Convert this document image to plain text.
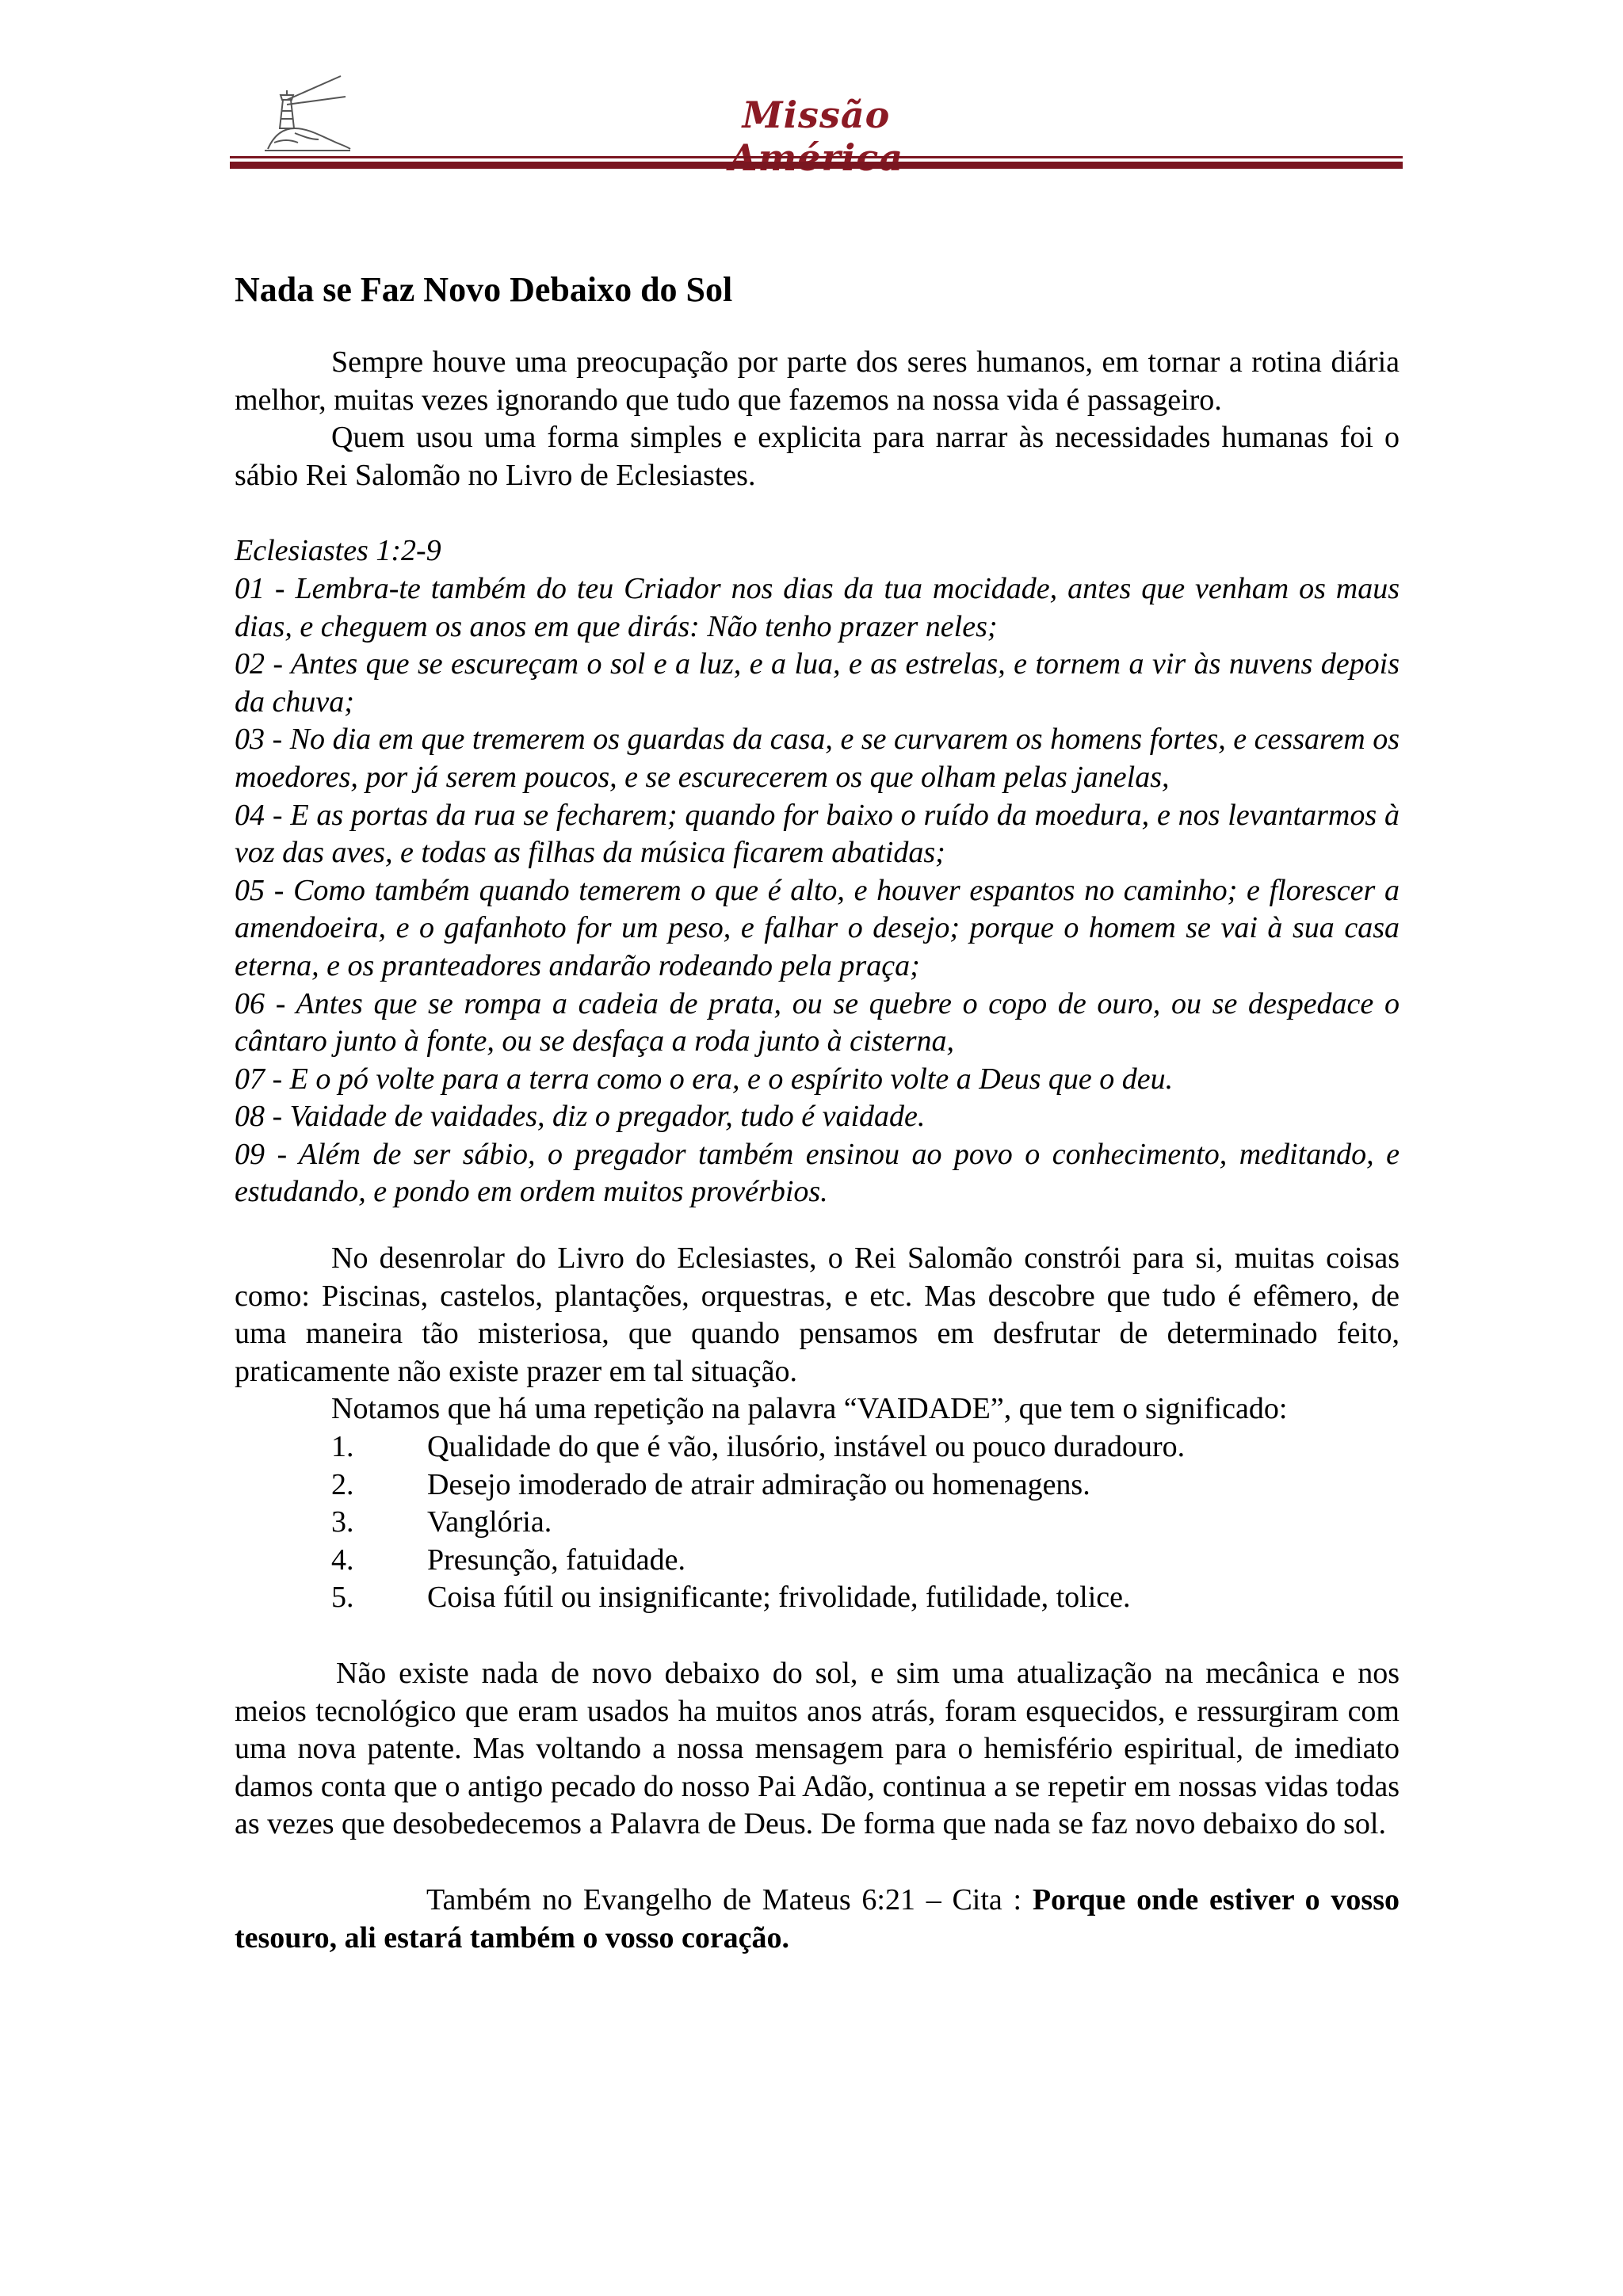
Missão
Nada se Faz Novo Debaixo do Sol

Sempre houve uma preocupação por parte dos seres humanos, em tornar a rotina diária melhor, muitas vezes ignorando que tudo que fazemos na nossa vida é passageiro.

Quem usou uma forma simples e explicita para narrar às necessidades humanas foi o sábio Rei Salomão no Livro de Eclesiastes.

Eclesiastes 1:2-9

01 - Lembra-te também do teu Criador nos dias da tua mocidade, antes que venham os maus dias, e cheguem os anos em que dirás: Não tenho prazer neles;

02 - Antes que se escureçam o sol e a luz, e a lua, e as estrelas, e tornem a vir às nuvens depois da chuva;

03 - No dia em que tremerem os guardas da casa, e se curvarem os homens fortes, e cessarem os moedores, por já serem poucos, e se escurecerem os que olham pelas janelas,

04 - E as portas da rua se fecharem; quando for baixo o ruído da moedura, e nos levantarmos à voz das aves, e todas as filhas da música ficarem abatidas;

05 - Como também quando temerem o que é alto, e houver espantos no caminho; e florescer a amendoeira, e o gafanhoto for um peso, e falhar o desejo; porque o homem se vai à sua casa eterna, e os pranteadores andarão rodeando pela praça;

06 - Antes que se rompa a cadeia de prata, ou se quebre o copo de ouro, ou se despedace o cântaro junto à fonte, ou se desfaça a roda junto à cisterna,

07 - E o pó volte para a terra como o era, e o espírito volte a Deus que o deu.

08 - Vaidade de vaidades, diz o pregador, tudo é vaidade.

09 - Além de ser sábio, o pregador também ensinou ao povo o conhecimento, meditando, e estudando, e pondo em ordem muitos provérbios.

No desenrolar do Livro do Eclesiastes, o Rei Salomão constrói para si, muitas coisas como: Piscinas, castelos, plantações, orquestras, e etc. Mas descobre que tudo é efêmero, de uma maneira tão misteriosa, que quando pensamos em desfrutar de determinado feito, praticamente não existe prazer em tal situação.

Notamos que há uma repetição na palavra “VAIDADE”, que tem o significado:

1. Qualidade do que é vão, ilusório, instável ou pouco duradouro.
2. Desejo imoderado de atrair admiração ou homenagens.
3. Vanglória.
4. Presunção, fatuidade.
5. Coisa fútil ou insignificante; frivolidade, futilidade, tolice.

Não existe nada de novo debaixo do sol, e sim uma atualização na mecânica e nos meios tecnológico que eram usados ha muitos anos atrás, foram esquecidos, e ressurgiram com uma nova patente. Mas voltando a nossa mensagem para o hemisfério espiritual, de imediato damos conta que o antigo pecado do nosso Pai Adão, continua a se repetir em nossas vidas todas as vezes que desobedecemos a Palavra de Deus. De forma que nada se faz novo debaixo do sol.

Também no Evangelho de Mateus 6:21 – Cita : Porque onde estiver o vosso tesouro, ali estará também o vosso coração.
